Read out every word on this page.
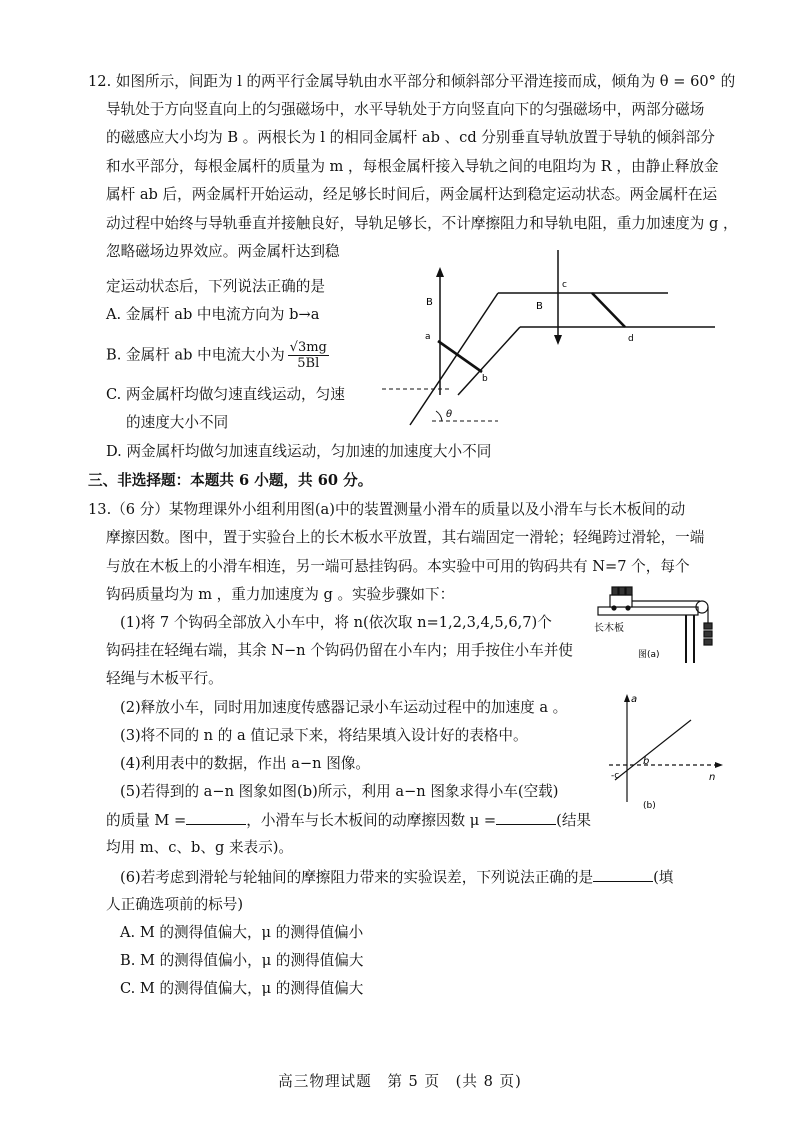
12. 如图所示，间距为 l 的两平行金属导轨由水平部分和倾斜部分平滑连接而成，倾角为 θ = 60° 的
导轨处于方向竖直向上的匀强磁场中，水平导轨处于方向竖直向下的匀强磁场中，两部分磁场
的磁感应大小均为 B 。两根长为 l 的相同金属杆 ab 、cd 分别垂直导轨放置于导轨的倾斜部分
和水平部分，每根金属杆的质量为 m ，每根金属杆接入导轨之间的电阻均为 R ，由静止释放金
属杆 ab 后，两金属杆开始运动，经足够长时间后，两金属杆达到稳定运动状态。两金属杆在运
动过程中始终与导轨垂直并接触良好，导轨足够长，不计摩擦阻力和导轨电阻，重力加速度为 g ，
忽略磁场边界效应。两金属杆达到稳
定运动状态后，下列说法正确的是
A. 金属杆 ab 中电流方向为 b→a
B. 金属杆 ab 中电流大小为 $\frac{√3mg}{5Bl}$
C. 两金属杆均做匀速直线运动，匀速
的速度大小不同
D. 两金属杆均做匀加速直线运动，匀加速的加速度大小不同
B	B
a
b
c
d
θ
三、非选择题：本题共 6 小题，共 60 分。
13.（6 分）某物理课外小组利用图(a)中的装置测量小滑车的质量以及小滑车与长木板间的动
摩擦因数。图中，置于实验台上的长木板水平放置，其右端固定一滑轮；轻绳跨过滑轮，一端
与放在木板上的小滑车相连，另一端可悬挂钩码。本实验中可用的钩码共有 N=7 个，每个
钩码质量均为 m ，重力加速度为 g 。实验步骤如下：
(1)将 7 个钩码全部放入小车中，将 n(依次取 n=1,2,3,4,5,6,7)个
钩码挂在轻绳右端，其余 N−n 个钩码仍留在小车内；用手按住小车并使
轻绳与木板平行。
(2)释放小车，同时用加速度传感器记录小车运动过程中的加速度 a 。
(3)将不同的 n 的 a 值记录下来，将结果填入设计好的表格中。
(4)利用表中的数据，作出 a−n 图像。
(5)若得到的 a−n 图象如图(b)所示，利用 a−n 图象求得小车(空载)
的质量 M =	，小滑车与长木板间的动摩擦因数 μ =	(结果
均用 m、c、b、g 来表示)。
(6)若考虑到滑轮与轮轴间的摩擦阻力带来的实验误差，下列说法正确的是	(填
人正确选项前的标号)
A. M 的测得值偏大，μ 的测得值偏小
B. M 的测得值偏小，μ 的测得值偏大
C. M 的测得值偏大，μ 的测得值偏大
长木板
图(a)
a
b
n
-c
(b)
高三物理试题　第 5 页　(共 8 页)
